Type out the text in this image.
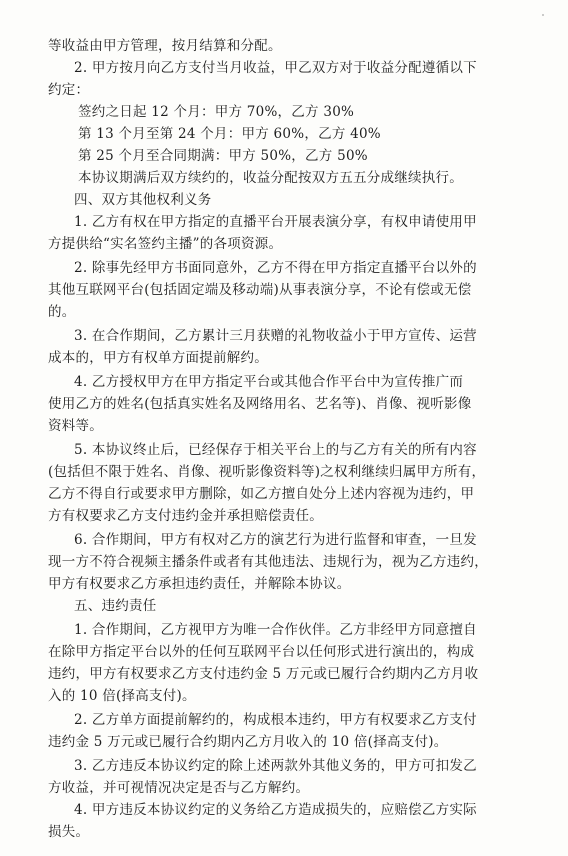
等收益由甲方管理，按月结算和分配。
2. 甲方按月向乙方支付当月收益，甲乙双方对于收益分配遵循以下
约定：
签约之日起 12 个月：甲方 70%，乙方 30%
第 13 个月至第 24 个月：甲方 60%，乙方 40%
第 25 个月至合同期满：甲方 50%，乙方 50%
本协议期满后双方续约的，收益分配按双方五五分成继续执行。
四、双方其他权利义务
1. 乙方有权在甲方指定的直播平台开展表演分享，有权申请使用甲
方提供给“实名签约主播”的各项资源。
2. 除事先经甲方书面同意外，乙方不得在甲方指定直播平台以外的
其他互联网平台(包括固定端及移动端)从事表演分享，不论有偿或无偿
的。
3. 在合作期间，乙方累计三月获赠的礼物收益小于甲方宣传、运营
成本的，甲方有权单方面提前解约。
4. 乙方授权甲方在甲方指定平台或其他合作平台中为宣传推广而
使用乙方的姓名(包括真实姓名及网络用名、艺名等)、肖像、视听影像
资料等。
5. 本协议终止后，已经保存于相关平台上的与乙方有关的所有内容
(包括但不限于姓名、肖像、视听影像资料等)之权利继续归属甲方所有，
乙方不得自行或要求甲方删除，如乙方擅自处分上述内容视为违约，甲
方有权要求乙方支付违约金并承担赔偿责任。
6. 合作期间，甲方有权对乙方的演艺行为进行监督和审查，一旦发
现一方不符合视频主播条件或者有其他违法、违规行为，视为乙方违约，
甲方有权要求乙方承担违约责任，并解除本协议。
五、违约责任
1. 合作期间，乙方视甲方为唯一合作伙伴。乙方非经甲方同意擅自
在除甲方指定平台以外的任何互联网平台以任何形式进行演出的，构成
违约，甲方有权要求乙方支付违约金 5 万元或已履行合约期内乙方月收
入的 10 倍(择高支付)。
2. 乙方单方面提前解约的，构成根本违约，甲方有权要求乙方支付
违约金 5 万元或已履行合约期内乙方月收入的 10 倍(择高支付)。
3. 乙方违反本协议约定的除上述两款外其他义务的，甲方可扣发乙
方收益，并可视情况决定是否与乙方解约。
4. 甲方违反本协议约定的义务给乙方造成损失的，应赔偿乙方实际
损失。
